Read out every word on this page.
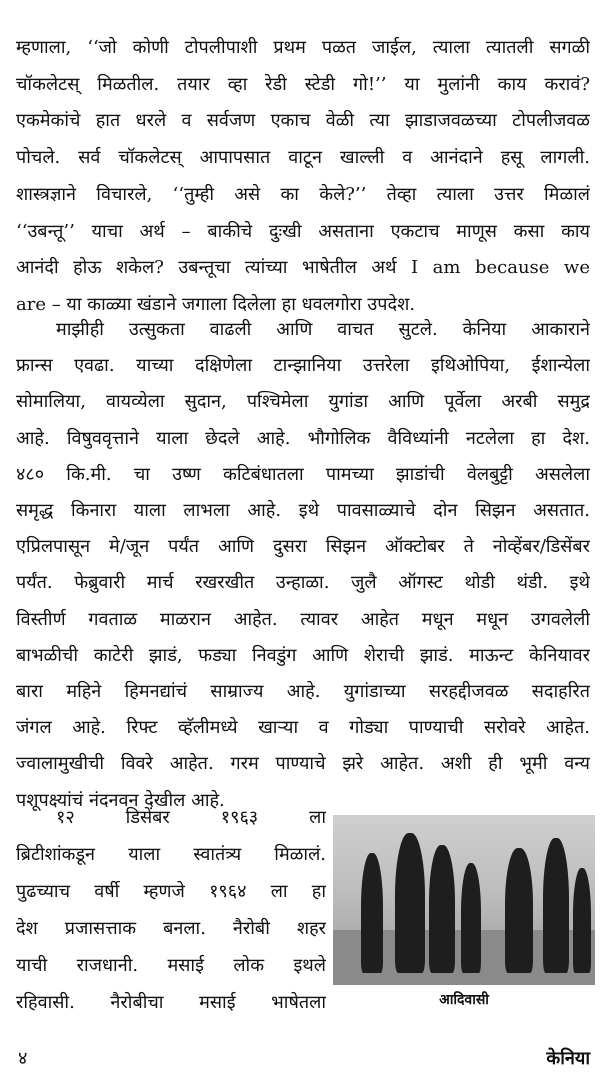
म्हणाला, ‘‘जो कोणी टोपलीपाशी प्रथम पळत जाईल, त्याला त्यातली सगळी
चॉकलेटस् मिळतील. तयार व्हा रेडी स्टेडी गो!’’ या मुलांनी काय करावं?
एकमेकांचे हात धरले व सर्वजण एकाच वेळी त्या झाडाजवळच्या टोपलीजवळ
पोचले. सर्व चॉकलेटस् आपापसात वाटून खाल्ली व आनंदाने हसू लागली.
शास्त्रज्ञाने विचारले, ‘‘तुम्ही असे का केले?’’ तेव्हा त्याला उत्तर मिळालं
‘‘उबन्तू’’ याचा अर्थ – बाकीचे दुःखी असताना एकटाच माणूस कसा काय
आनंदी होऊ शकेल? उबन्तूचा त्यांच्या भाषेतील अर्थ I am because we
are – या काळ्या खंडाने जगाला दिलेला हा धवलगोरा उपदेश.
माझीही उत्सुकता वाढली आणि वाचत सुटले. केनिया आकाराने
फ्रान्स एवढा. याच्या दक्षिणेला टान्झानिया उत्तरेला इथिओपिया, ईशान्येला
सोमालिया, वायव्येला सुदान, पश्चिमेला युगांडा आणि पूर्वेला अरबी समुद्र
आहे. विषुववृत्ताने याला छेदले आहे. भौगोलिक वैविध्यांनी नटलेला हा देश.
४८० कि.मी. चा उष्ण कटिबंधातला पामच्या झाडांची वेलबुट्टी असलेला
समृद्ध किनारा याला लाभला आहे. इथे पावसाळ्याचे दोन सिझन असतात.
एप्रिलपासून मे/जून पर्यंत आणि दुसरा सिझन ऑक्टोबर ते नोव्हेंबर/डिसेंबर
पर्यंत. फेब्रुवारी मार्च रखरखीत उन्हाळा. जुलै ऑगस्ट थोडी थंडी. इथे
विस्तीर्ण गवताळ माळरान आहेत. त्यावर आहेत मधून मधून उगवलेली
बाभळीची काटेरी झाडं, फड्या निवडुंग आणि शेराची झाडं. माऊन्ट केनियावर
बारा महिने हिमनद्यांचं साम्राज्य आहे. युगांडाच्या सरहद्दीजवळ सदाहरित
जंगल आहे. रिफ्ट व्हॅलीमध्ये खाऱ्या व गोड्या पाण्याची सरोवरे आहेत.
ज्वालामुखीची विवरे आहेत. गरम पाण्याचे झरे आहेत. अशी ही भूमी वन्य
पशूपक्ष्यांचं नंदनवन देखील आहे.
१२ डिसेंबर १९६३ ला
ब्रिटीशांकडून याला स्वातंत्र्य मिळालं.
पुढच्याच वर्षी म्हणजे १९६४ ला हा
देश प्रजासत्ताक बनला. नैरोबी शहर
याची राजधानी. मसाई लोक इथले
रहिवासी. नैरोबीचा मसाई भाषेतला	आदिवासी
४	केनिया
